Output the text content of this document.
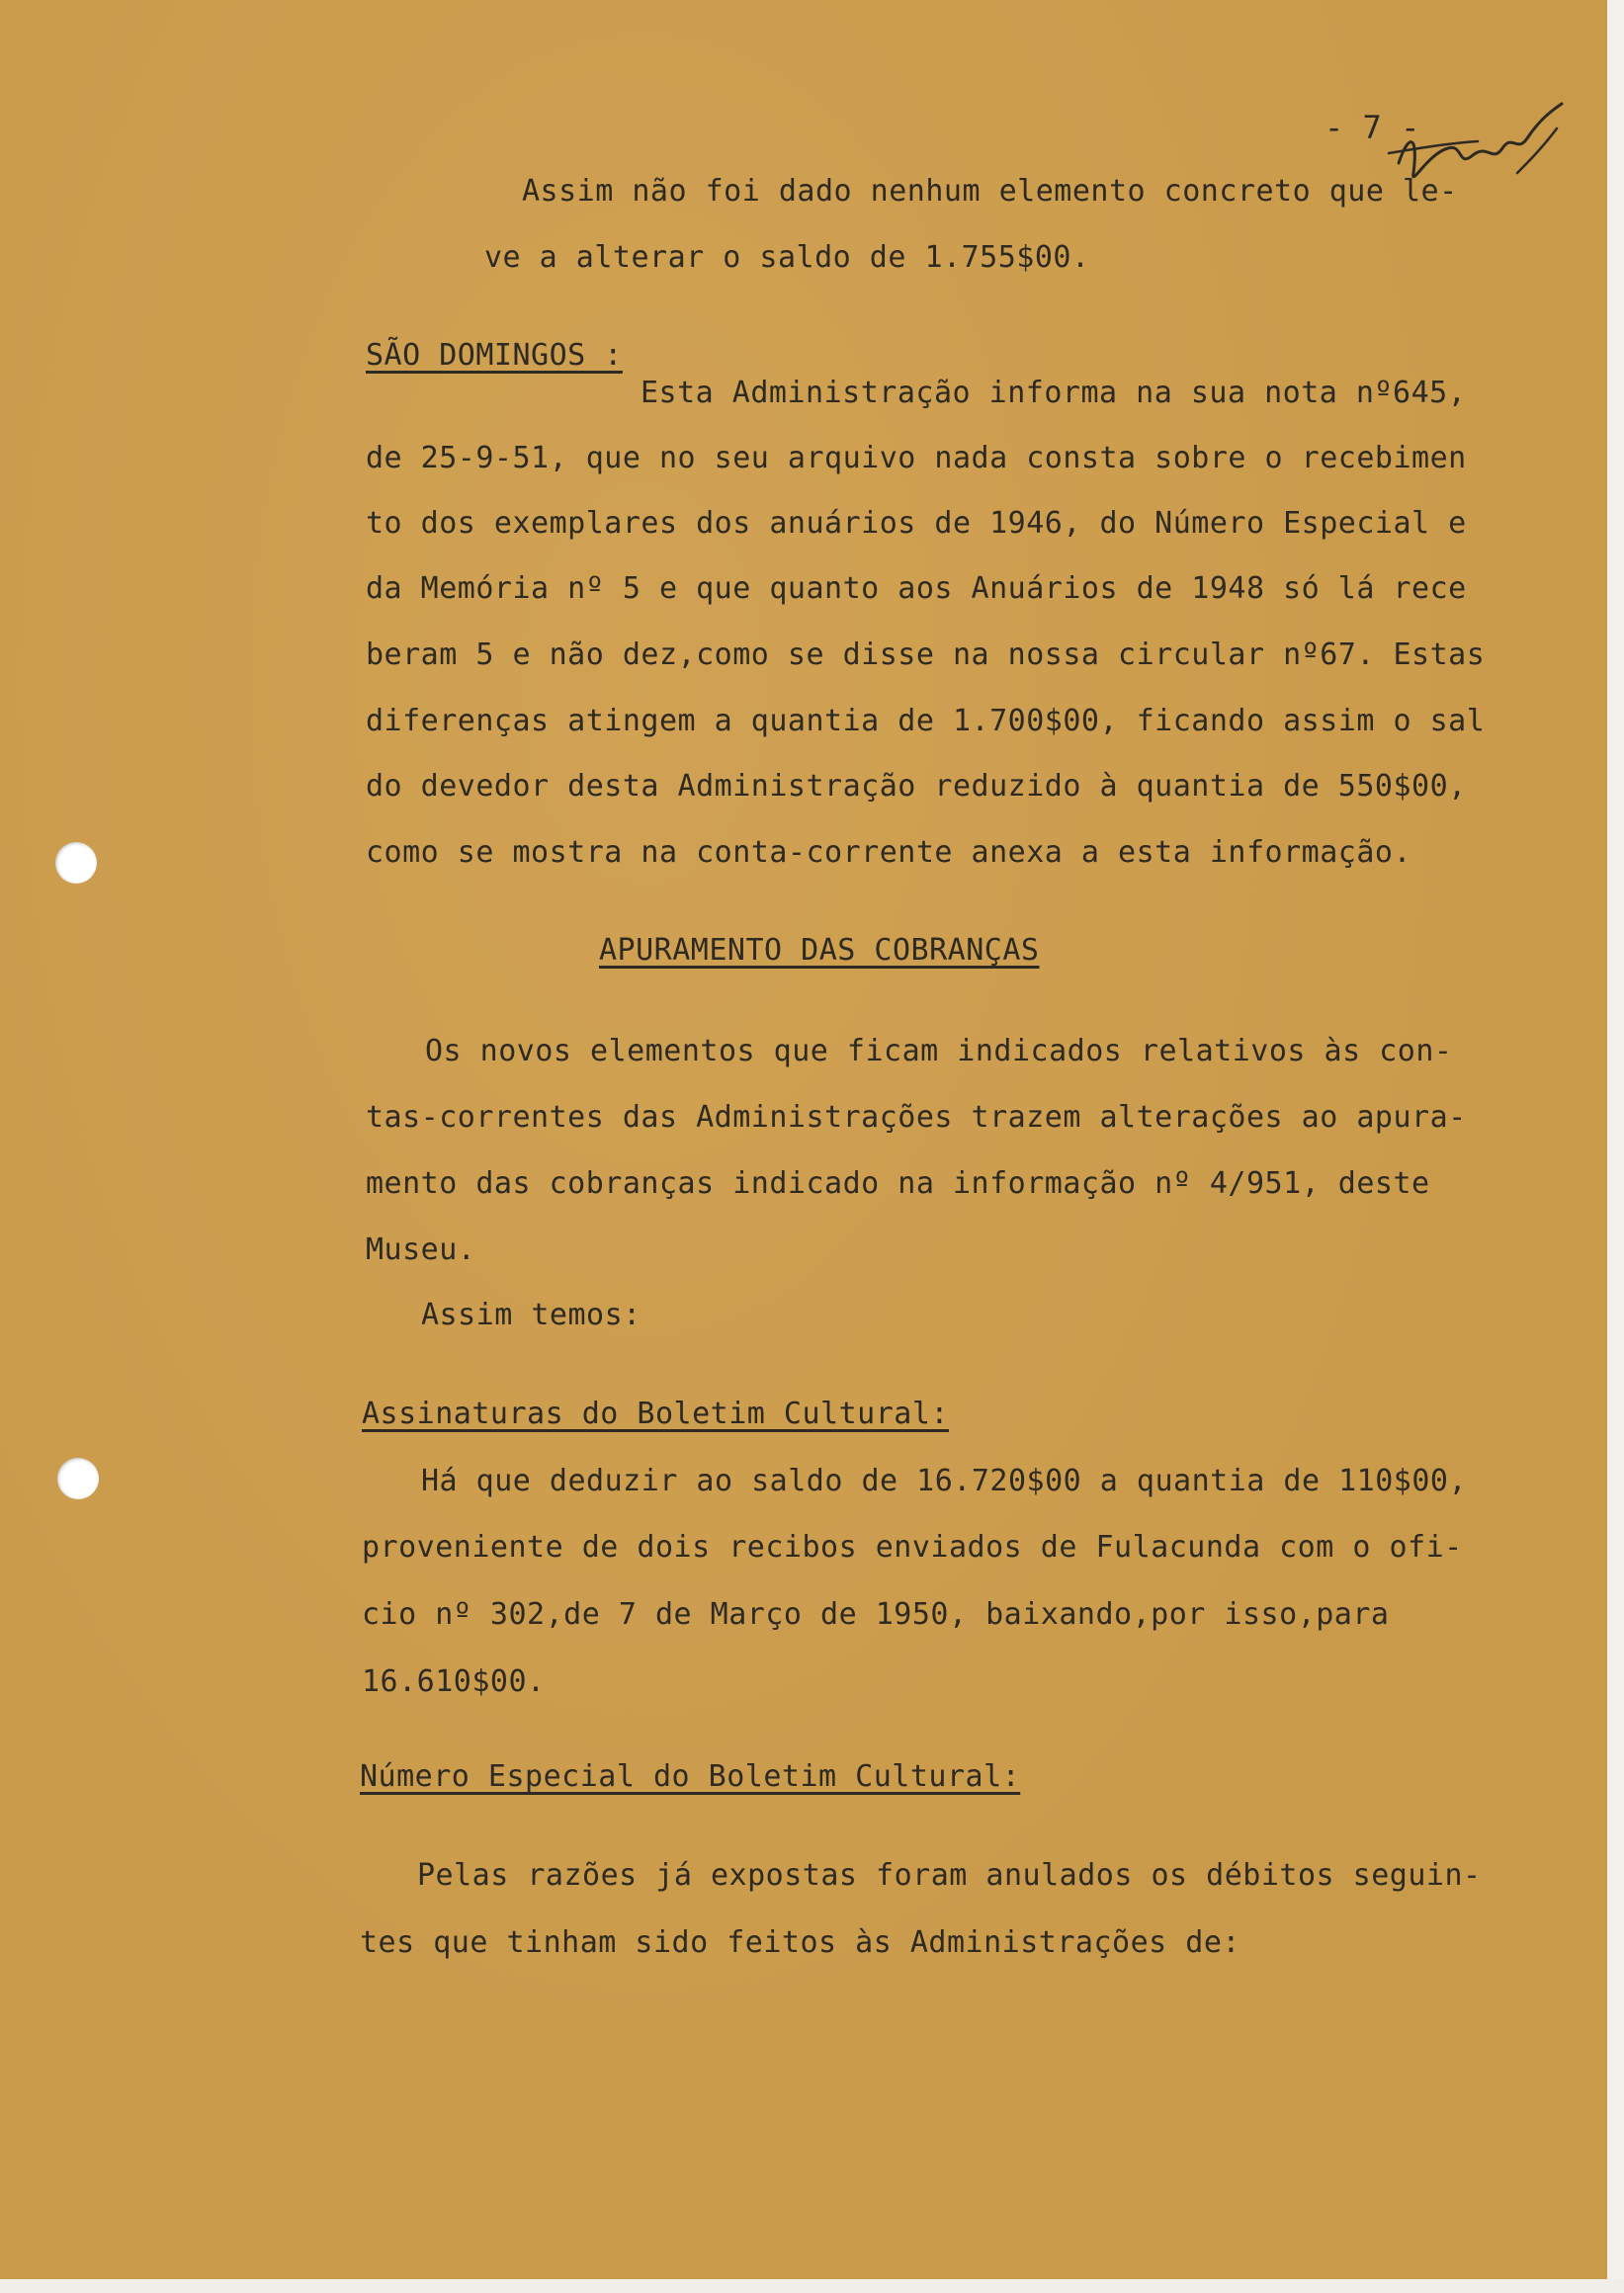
- 7 -
Assim não foi dado nenhum elemento concreto que le-
ve a alterar o saldo de 1.755$00.
SÃO DOMINGOS :
Esta Administração informa na sua nota nº645,
de 25-9-51, que no seu arquivo nada consta sobre o recebimen
to dos exemplares dos anuários de 1946, do Número Especial e
da Memória nº 5 e que quanto aos Anuários de 1948 só lá rece
beram 5 e não dez,como se disse na nossa circular nº67. Estas
diferenças atingem a quantia de 1.700$00, ficando assim o sal
do devedor desta Administração reduzido à quantia de 550$00,
como se mostra na conta-corrente anexa a esta informação.
APURAMENTO DAS COBRANÇAS
Os novos elementos que ficam indicados relativos às con-
tas-correntes das Administrações trazem alterações ao apura-
mento das cobranças indicado na informação nº 4/951, deste
Museu.
Assim temos:
Assinaturas do Boletim Cultural:
Há que deduzir ao saldo de 16.720$00 a quantia de 110$00,
proveniente de dois recibos enviados de Fulacunda com o ofi-
cio nº 302,de 7 de Março de 1950, baixando,por isso,para
16.610$00.
Número Especial do Boletim Cultural:
Pelas razões já expostas foram anulados os débitos seguin-
tes que tinham sido feitos às Administrações de:
